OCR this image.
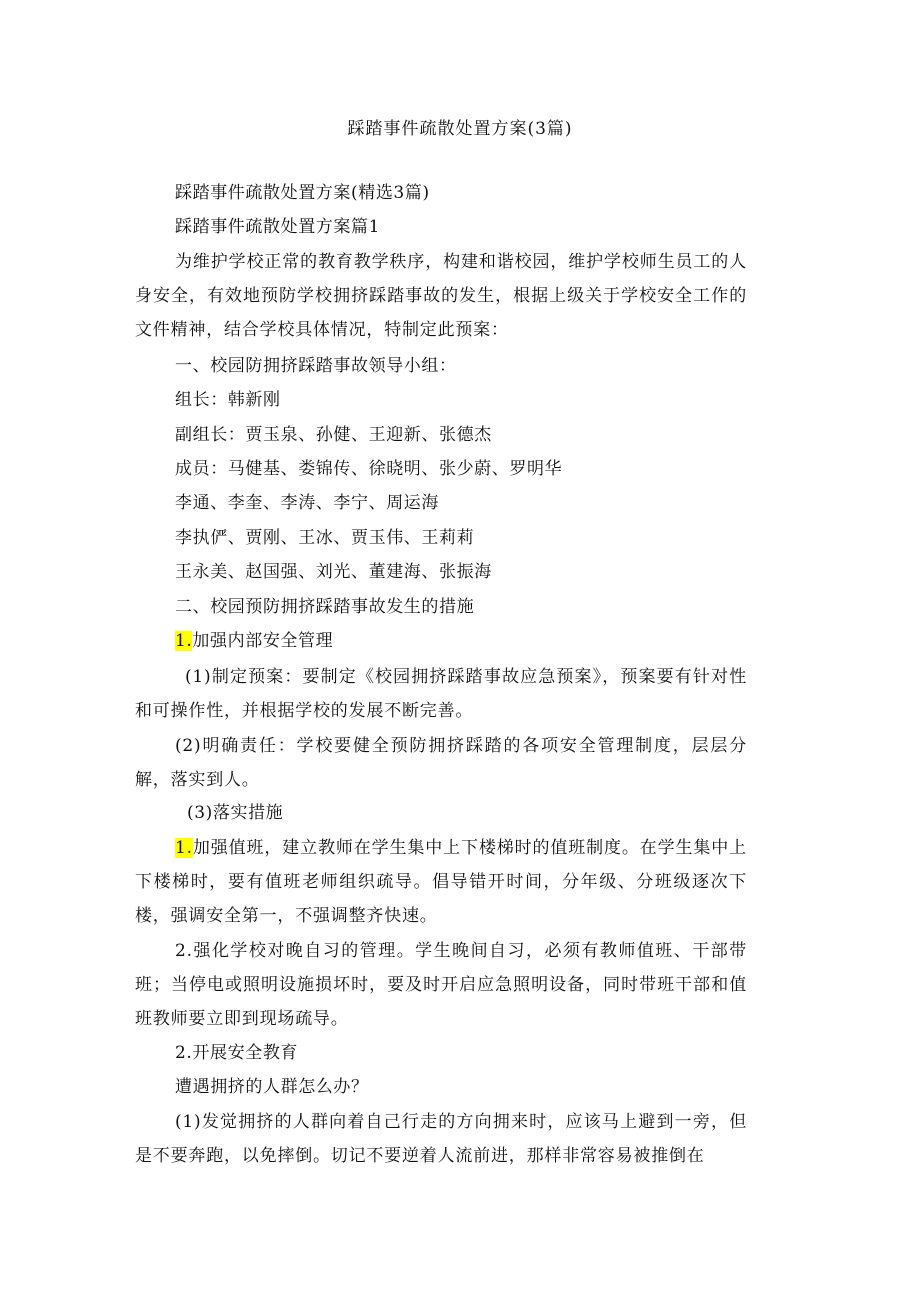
踩踏事件疏散处置方案(3篇)
踩踏事件疏散处置方案(精选3篇)
踩踏事件疏散处置方案篇1
为维护学校正常的教育教学秩序，构建和谐校园，维护学校师生员工的人身安全，有效地预防学校拥挤踩踏事故的发生，根据上级关于学校安全工作的文件精神，结合学校具体情况，特制定此预案：
一、校园防拥挤踩踏事故领导小组：
组长：韩新刚
副组长：贾玉泉、孙健、王迎新、张德杰
成员：马健基、娄锦传、徐晓明、张少蔚、罗明华
李通、李奎、李涛、李宁、周运海
李执俨、贾刚、王冰、贾玉伟、王莉莉
王永美、赵国强、刘光、董建海、张振海
二、校园预防拥挤踩踏事故发生的措施
1.加强内部安全管理
(1)制定预案：要制定《校园拥挤踩踏事故应急预案》，预案要有针对性和可操作性，并根据学校的发展不断完善。
(2)明确责任：学校要健全预防拥挤踩踏的各项安全管理制度，层层分解，落实到人。
(3)落实措施
1.加强值班，建立教师在学生集中上下楼梯时的值班制度。在学生集中上下楼梯时，要有值班老师组织疏导。倡导错开时间，分年级、分班级逐次下楼，强调安全第一，不强调整齐快速。
2.强化学校对晚自习的管理。学生晚间自习，必须有教师值班、干部带班；当停电或照明设施损坏时，要及时开启应急照明设备，同时带班干部和值班教师要立即到现场疏导。
2.开展安全教育
遭遇拥挤的人群怎么办？
(1)发觉拥挤的人群向着自己行走的方向拥来时，应该马上避到一旁，但是不要奔跑，以免摔倒。切记不要逆着人流前进，那样非常容易被推倒在
